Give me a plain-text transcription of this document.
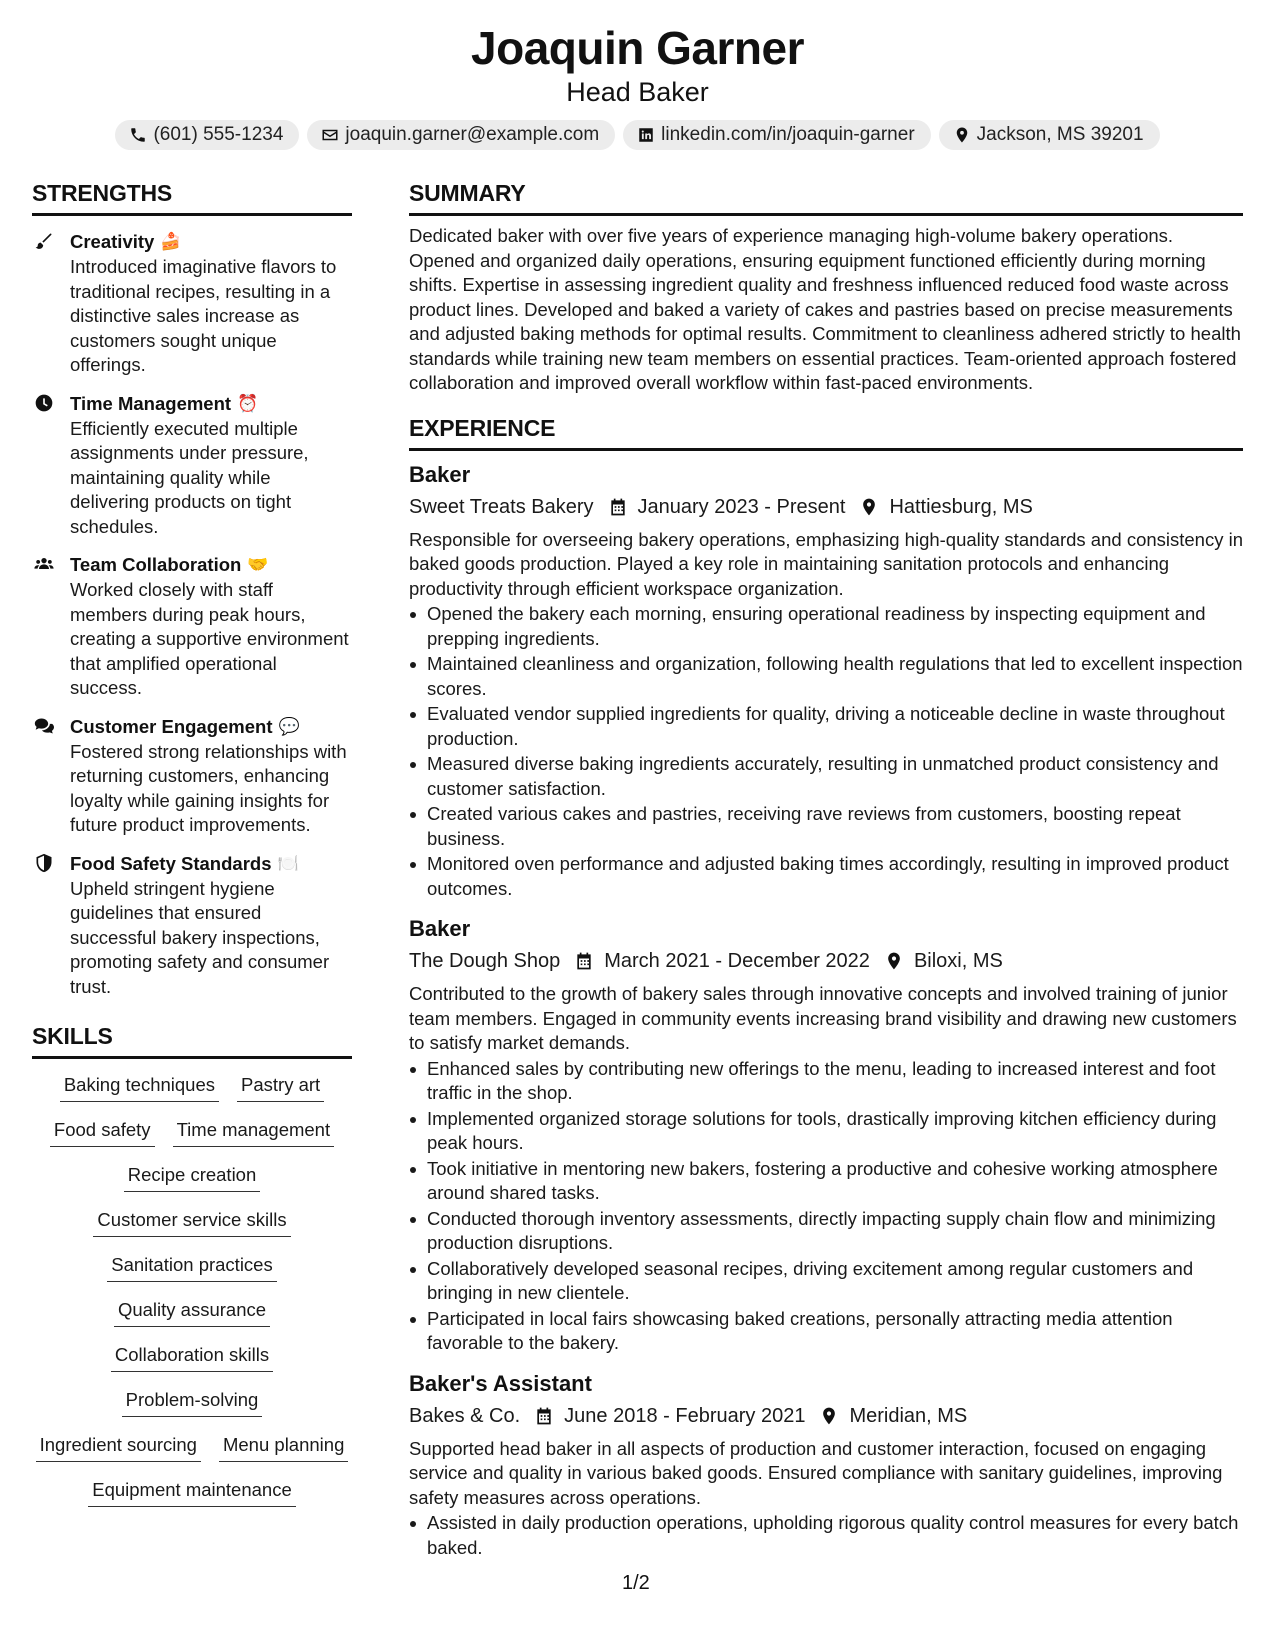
Joaquin Garner
Head Baker
(601) 555-1234	joaquin.garner@example.com	linkedin.com/in/joaquin-garner	Jackson, MS 39201
STRENGTHS
Creativity 🍰
Introduced imaginative flavors to traditional recipes, resulting in a distinctive sales increase as customers sought unique offerings.
Time Management ⏰
Efficiently executed multiple assignments under pressure, maintaining quality while delivering products on tight schedules.
Team Collaboration 🤝
Worked closely with staff members during peak hours, creating a supportive environment that amplified operational success.
Customer Engagement 💬
Fostered strong relationships with returning customers, enhancing loyalty while gaining insights for future product improvements.
Food Safety Standards 🍽️
Upheld stringent hygiene guidelines that ensured successful bakery inspections, promoting safety and consumer trust.
SKILLS
Baking techniques Pastry art
Food safety Time management
Recipe creation
Customer service skills
Sanitation practices
Quality assurance
Collaboration skills
Problem-solving
Ingredient sourcing Menu planning
Equipment maintenance
SUMMARY
Dedicated baker with over five years of experience managing high-volume bakery operations. Opened and organized daily operations, ensuring equipment functioned efficiently during morning shifts. Expertise in assessing ingredient quality and freshness influenced reduced food waste across product lines. Developed and baked a variety of cakes and pastries based on precise measurements and adjusted baking methods for optimal results. Commitment to cleanliness adhered strictly to health standards while training new team members on essential practices. Team-oriented approach fostered collaboration and improved overall workflow within fast-paced environments.
EXPERIENCE
Baker
Sweet Treats Bakery January 2023 - Present Hattiesburg, MS
Responsible for overseeing bakery operations, emphasizing high-quality standards and consistency in baked goods production. Played a key role in maintaining sanitation protocols and enhancing productivity through efficient workspace organization.
Opened the bakery each morning, ensuring operational readiness by inspecting equipment and prepping ingredients.
Maintained cleanliness and organization, following health regulations that led to excellent inspection scores.
Evaluated vendor supplied ingredients for quality, driving a noticeable decline in waste throughout production.
Measured diverse baking ingredients accurately, resulting in unmatched product consistency and customer satisfaction.
Created various cakes and pastries, receiving rave reviews from customers, boosting repeat business.
Monitored oven performance and adjusted baking times accordingly, resulting in improved product outcomes.
Baker
The Dough Shop March 2021 - December 2022 Biloxi, MS
Contributed to the growth of bakery sales through innovative concepts and involved training of junior team members. Engaged in community events increasing brand visibility and drawing new customers to satisfy market demands.
Enhanced sales by contributing new offerings to the menu, leading to increased interest and foot traffic in the shop.
Implemented organized storage solutions for tools, drastically improving kitchen efficiency during peak hours.
Took initiative in mentoring new bakers, fostering a productive and cohesive working atmosphere around shared tasks.
Conducted thorough inventory assessments, directly impacting supply chain flow and minimizing production disruptions.
Collaboratively developed seasonal recipes, driving excitement among regular customers and bringing in new clientele.
Participated in local fairs showcasing baked creations, personally attracting media attention favorable to the bakery.
Baker's Assistant
Bakes & Co. June 2018 - February 2021 Meridian, MS
Supported head baker in all aspects of production and customer interaction, focused on engaging service and quality in various baked goods. Ensured compliance with sanitary guidelines, improving safety measures across operations.
Assisted in daily production operations, upholding rigorous quality control measures for every batch baked.
1/2
